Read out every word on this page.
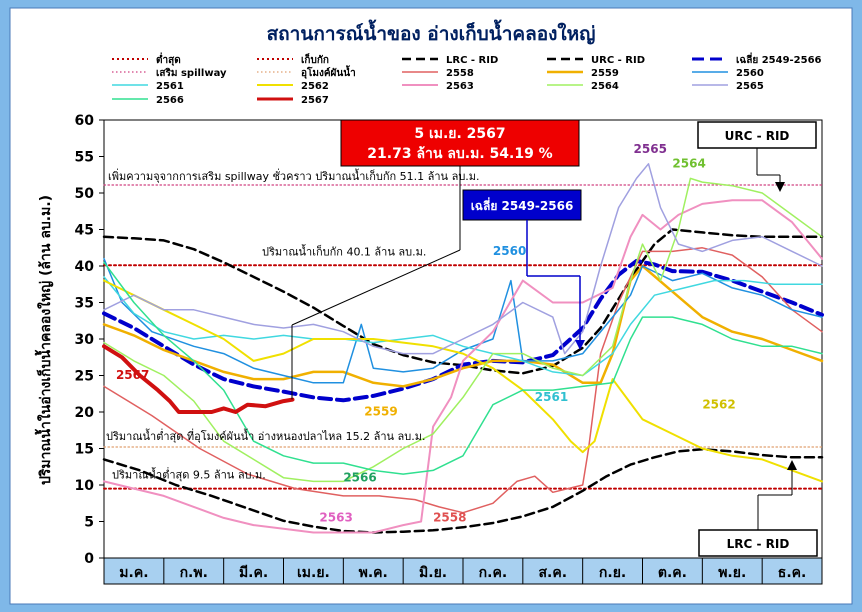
สถานการณ์น้ำของ อ่างเก็บน้ำคลองใหญ่
ต่ำสุด	เก็บกัก	LRC - RID	URC - RID	เฉลี่ย 2549-2566
เสริม spillway	อุโมงค์ผันน้ำ	2558	2559	2560
2561	2562	2563	2564	2565
2566	2567
ปริมาณน้ำในอ่างเก็บน้ำคลองใหญ่ (ล้าน ลบ.ม.)
เพิ่มความจุจากการเสริม spillway ชั่วคราว ปริมาณน้ำเก็บกัก 51.1 ล้าน ลบ.ม.
ปริมาณน้ำเก็บกัก 40.1 ล้าน ลบ.ม.
ปริมาณน้ำต่ำสุด ที่อุโมงค์ผันน้ำ อ่างหนองปลาไหล 15.2 ล้าน ลบ.ม.
ปริมาณน้ำต่ำสุด 9.5 ล้าน ลบ.ม.
2567
2560
2559
2566
2563	2558
2561
2565
2564
2562
5 เม.ย. 2567
21.73 ล้าน ลบ.ม. 54.19 %
เฉลี่ย 2549-2566
URC - RID
LRC - RID
0
5
10
15
20
25
30
35
40
45
50
55
60
ม.ค. ก.พ. มี.ค. เม.ย. พ.ค. มิ.ย. ก.ค. ส.ค. ก.ย. ต.ค. พ.ย. ธ.ค.
